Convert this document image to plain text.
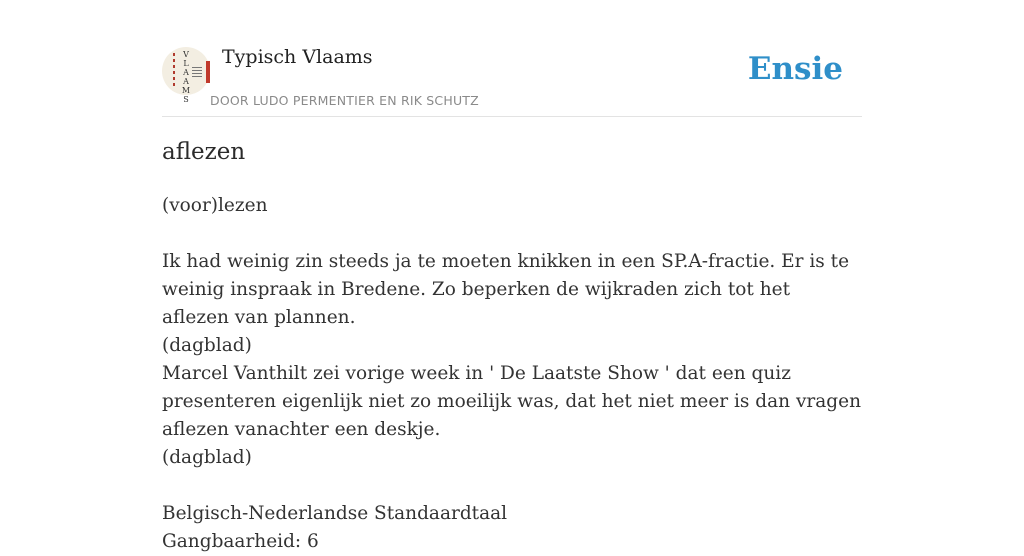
V
L
A
A
M
S
Typisch Vlaams
DOOR LUDO PERMENTIER EN RIK SCHUTZ
Ensie
aflezen

(voor)lezen

Ik had weinig zin steeds ja te moeten knikken in een SP.A-fractie. Er is te weinig inspraak in Bredene. Zo beperken de wijkraden zich tot het aflezen van plannen.

(dagblad)

Marcel Vanthilt zei vorige week in ' De Laatste Show ' dat een quiz presenteren eigenlijk niet zo moeilijk was, dat het niet meer is dan vragen aflezen vanachter een deskje.

(dagblad)

Belgisch-Nederlandse Standaardtaal

Gangbaarheid: 6
